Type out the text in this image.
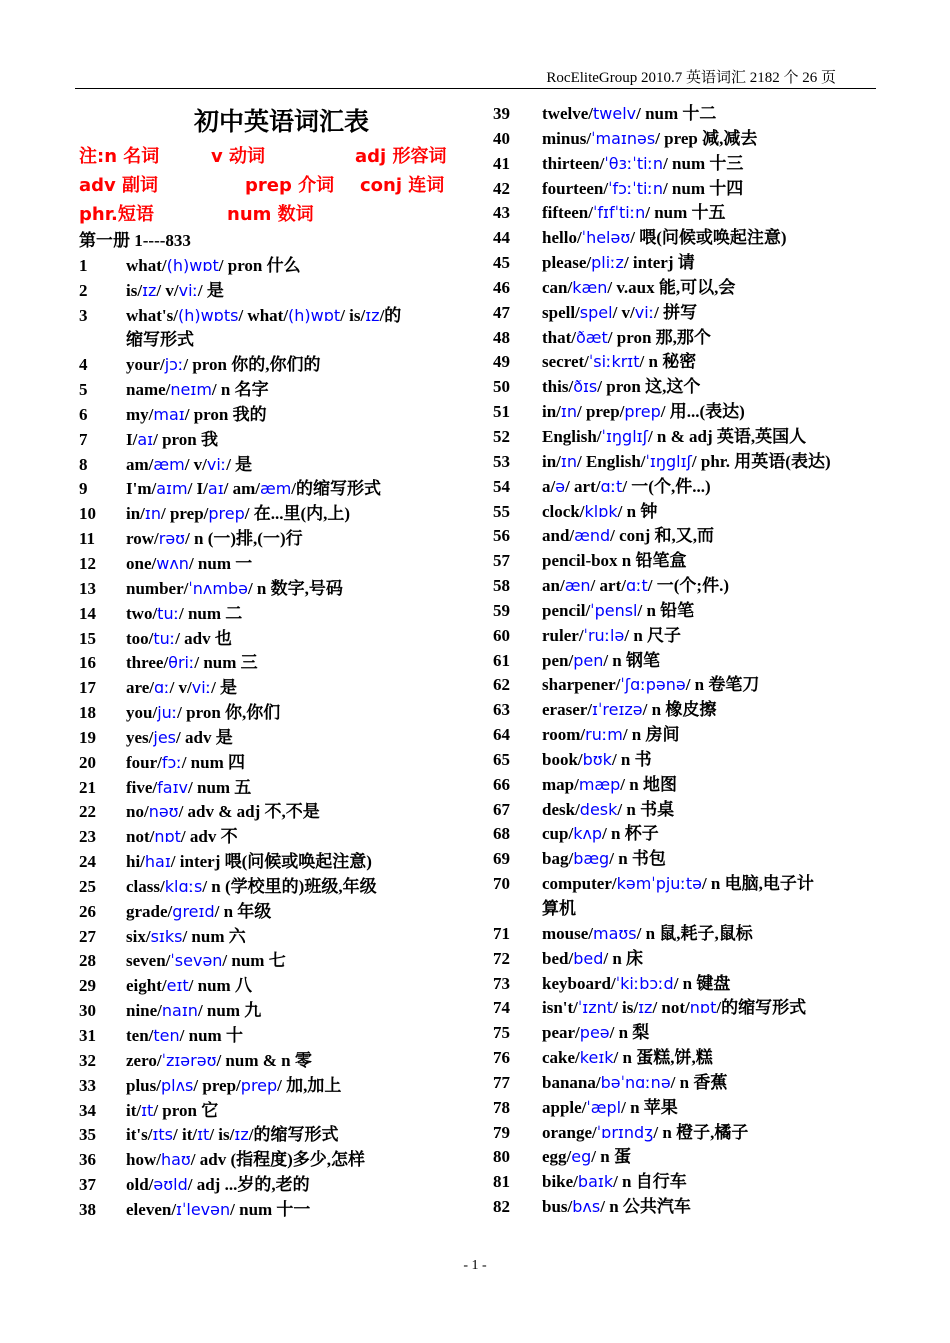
RocEliteGroup 2010.7 英语词汇 2182 个 26 页
初中英语词汇表
注:n 名词	v 动词	adj 形容词
adv 副词	prep 介词 conj 连词
phr.短语	num 数词
第一册 1----833
1 what/(h)wɒt/ pron 什么
2 is/ɪz/ v/viː/ 是
3 what's/(h)wɒts/ what/(h)wɒt/ is/ɪz/的
缩写形式
4 your/jɔː/ pron 你的,你们的
5 name/neɪm/ n 名字
6 my/maɪ/ pron 我的
7 I/aɪ/ pron 我
8 am/æm/ v/viː/ 是
9 I'm/aɪm/ I/aɪ/ am/æm/的缩写形式
10 in/ɪn/ prep/prep/ 在...里(内,上)
11 row/rəʊ/ n (一)排,(一)行
12 one/wʌn/ num 一
13 number/ˈnʌmbə/ n 数字,号码
14 two/tuː/ num 二
15 too/tuː/ adv 也
16 three/θriː/ num 三
17 are/ɑː/ v/viː/ 是
18 you/juː/ pron 你,你们
19 yes/jes/ adv 是
20 four/fɔː/ num 四
21 five/faɪv/ num 五
22 no/nəʊ/ adv & adj 不,不是
23 not/nɒt/ adv 不
24 hi/haɪ/ interj 喂(问候或唤起注意)
25 class/klɑːs/ n (学校里的)班级,年级
26 grade/greɪd/ n 年级
27 six/sɪks/ num 六
28 seven/ˈsevən/ num 七
29 eight/eɪt/ num 八
30 nine/naɪn/ num 九
31 ten/ten/ num 十
32 zero/ˈzɪərəʊ/ num & n 零
33 plus/plʌs/ prep/prep/ 加,加上
34 it/ɪt/ pron 它
35 it's/ɪts/ it/ɪt/ is/ɪz/的缩写形式
36 how/haʊ/ adv (指程度)多少,怎样
37 old/əʊld/ adj ...岁的,老的
38 eleven/ɪˈlevən/ num 十一
39 twelve/twelv/ num 十二
40 minus/ˈmaɪnəs/ prep 减,减去
41 thirteen/ˈθɜːˈtiːn/ num 十三
42 fourteen/ˈfɔːˈtiːn/ num 十四
43 fifteen/ˈfɪfˈtiːn/ num 十五
44 hello/ˈheləʊ/ 喂(问候或唤起注意)
45 please/pliːz/ interj 请
46 can/kæn/ v.aux 能,可以,会
47 spell/spel/ v/viː/ 拼写
48 that/ðæt/ pron 那,那个
49 secret/ˈsiːkrɪt/ n 秘密
50 this/ðɪs/ pron 这,这个
51 in/ɪn/ prep/prep/ 用...(表达)
52 English/ˈɪŋglɪʃ/ n & adj 英语,英国人
53 in/ɪn/ English/ˈɪŋglɪʃ/ phr. 用英语(表达)
54 a/ə/ art/ɑːt/ 一(个,件...)
55 clock/klɒk/ n 钟
56 and/ænd/ conj 和,又,而
57 pencil-box n 铅笔盒
58 an/æn/ art/ɑːt/ 一(个;件.)
59 pencil/ˈpensl/ n 铅笔
60 ruler/ˈruːlə/ n 尺子
61 pen/pen/ n 钢笔
62 sharpener/ˈʃɑːpənə/ n 卷笔刀
63 eraser/ɪˈreɪzə/ n 橡皮擦
64 room/ruːm/ n 房间
65 book/bʊk/ n 书
66 map/mæp/ n 地图
67 desk/desk/ n 书桌
68 cup/kʌp/ n 杯子
69 bag/bæg/ n 书包
70 computer/kəmˈpjuːtə/ n 电脑,电子计
算机
71 mouse/maʊs/ n 鼠,耗子,鼠标
72 bed/bed/ n 床
73 keyboard/ˈkiːbɔːd/ n 键盘
74 isn't/ˈɪznt/ is/ɪz/ not/nɒt/的缩写形式
75 pear/peə/ n 梨
76 cake/keɪk/ n 蛋糕,饼,糕
77 banana/bəˈnɑːnə/ n 香蕉
78 apple/ˈæpl/ n 苹果
79 orange/ˈɒrɪndʒ/ n 橙子,橘子
80 egg/eg/ n 蛋
81 bike/baɪk/ n 自行车
82 bus/bʌs/ n 公共汽车
- 1 -
